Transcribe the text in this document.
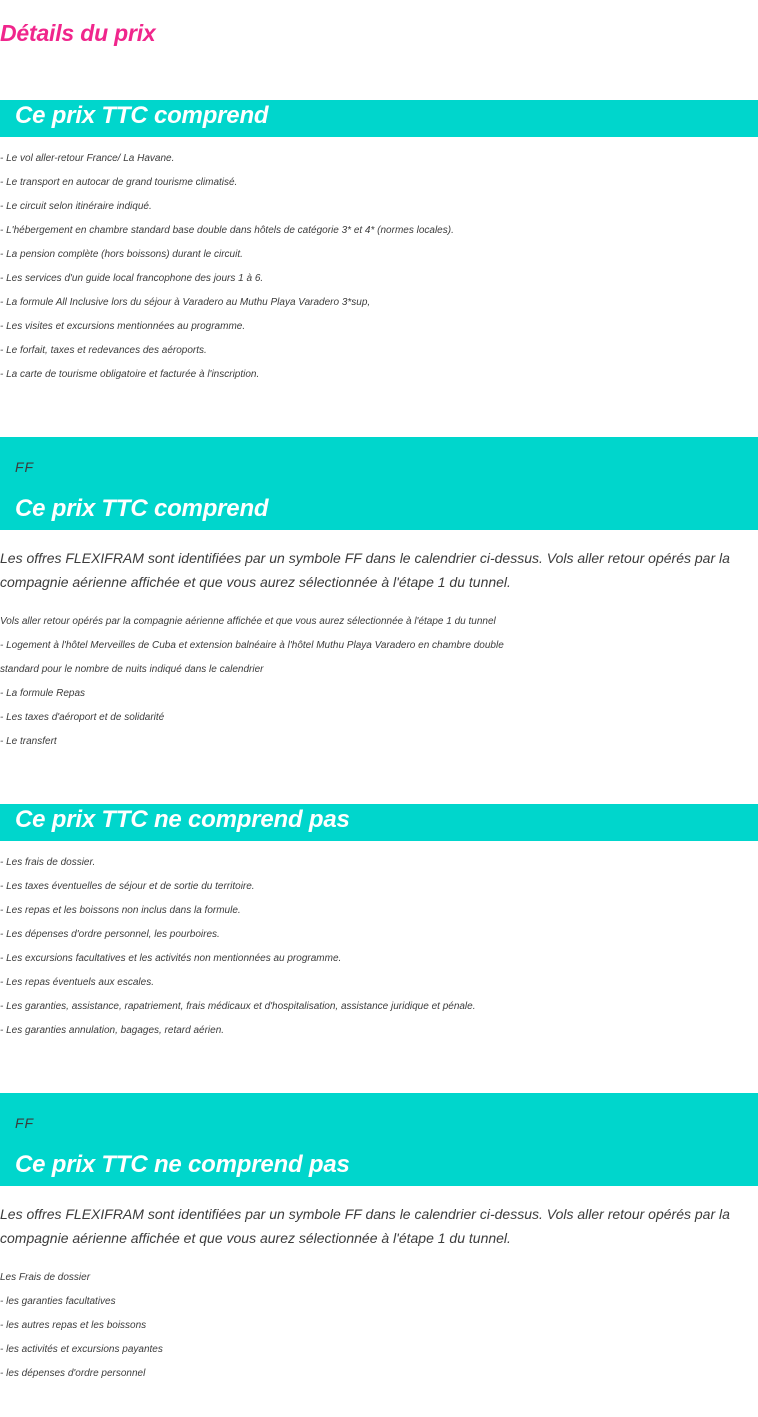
Détails du prix
Ce prix TTC comprend
- Le vol aller-retour France/ La Havane.
- Le transport en autocar de grand tourisme climatisé.
- Le circuit selon itinéraire indiqué.
- L'hébergement en chambre standard base double dans hôtels de catégorie 3* et 4* (normes locales).
- La pension complète (hors boissons) durant le circuit.
- Les services d'un guide local francophone des jours 1 à 6.
- La formule All Inclusive lors du séjour à Varadero au Muthu Playa Varadero 3*sup,
- Les visites et excursions mentionnées au programme.
- Le forfait, taxes et redevances des aéroports.
- La carte de tourisme obligatoire et facturée à l'inscription.
FF
Ce prix TTC comprend
Les offres FLEXIFRAM sont identifiées par un symbole FF dans le calendrier ci-dessus. Vols aller retour opérés par la
compagnie aérienne affichée et que vous aurez sélectionnée à l'étape 1 du tunnel.
Vols aller retour opérés par la compagnie aérienne affichée et que vous aurez sélectionnée à l'étape 1 du tunnel
- Logement à l'hôtel Merveilles de Cuba et extension balnéaire à l'hôtel Muthu Playa Varadero en chambre double
standard pour le nombre de nuits indiqué dans le calendrier
- La formule Repas
- Les taxes d'aéroport et de solidarité
- Le transfert
Ce prix TTC ne comprend pas
- Les frais de dossier.
- Les taxes éventuelles de séjour et de sortie du territoire.
- Les repas et les boissons non inclus dans la formule.
- Les dépenses d'ordre personnel, les pourboires.
- Les excursions facultatives et les activités non mentionnées au programme.
- Les repas éventuels aux escales.
- Les garanties, assistance, rapatriement, frais médicaux et d'hospitalisation, assistance juridique et pénale.
- Les garanties annulation, bagages, retard aérien.
FF
Ce prix TTC ne comprend pas
Les offres FLEXIFRAM sont identifiées par un symbole FF dans le calendrier ci-dessus. Vols aller retour opérés par la
compagnie aérienne affichée et que vous aurez sélectionnée à l'étape 1 du tunnel.
Les Frais de dossier
- les garanties facultatives
- les autres repas et les boissons
- les activités et excursions payantes
- les dépenses d'ordre personnel
